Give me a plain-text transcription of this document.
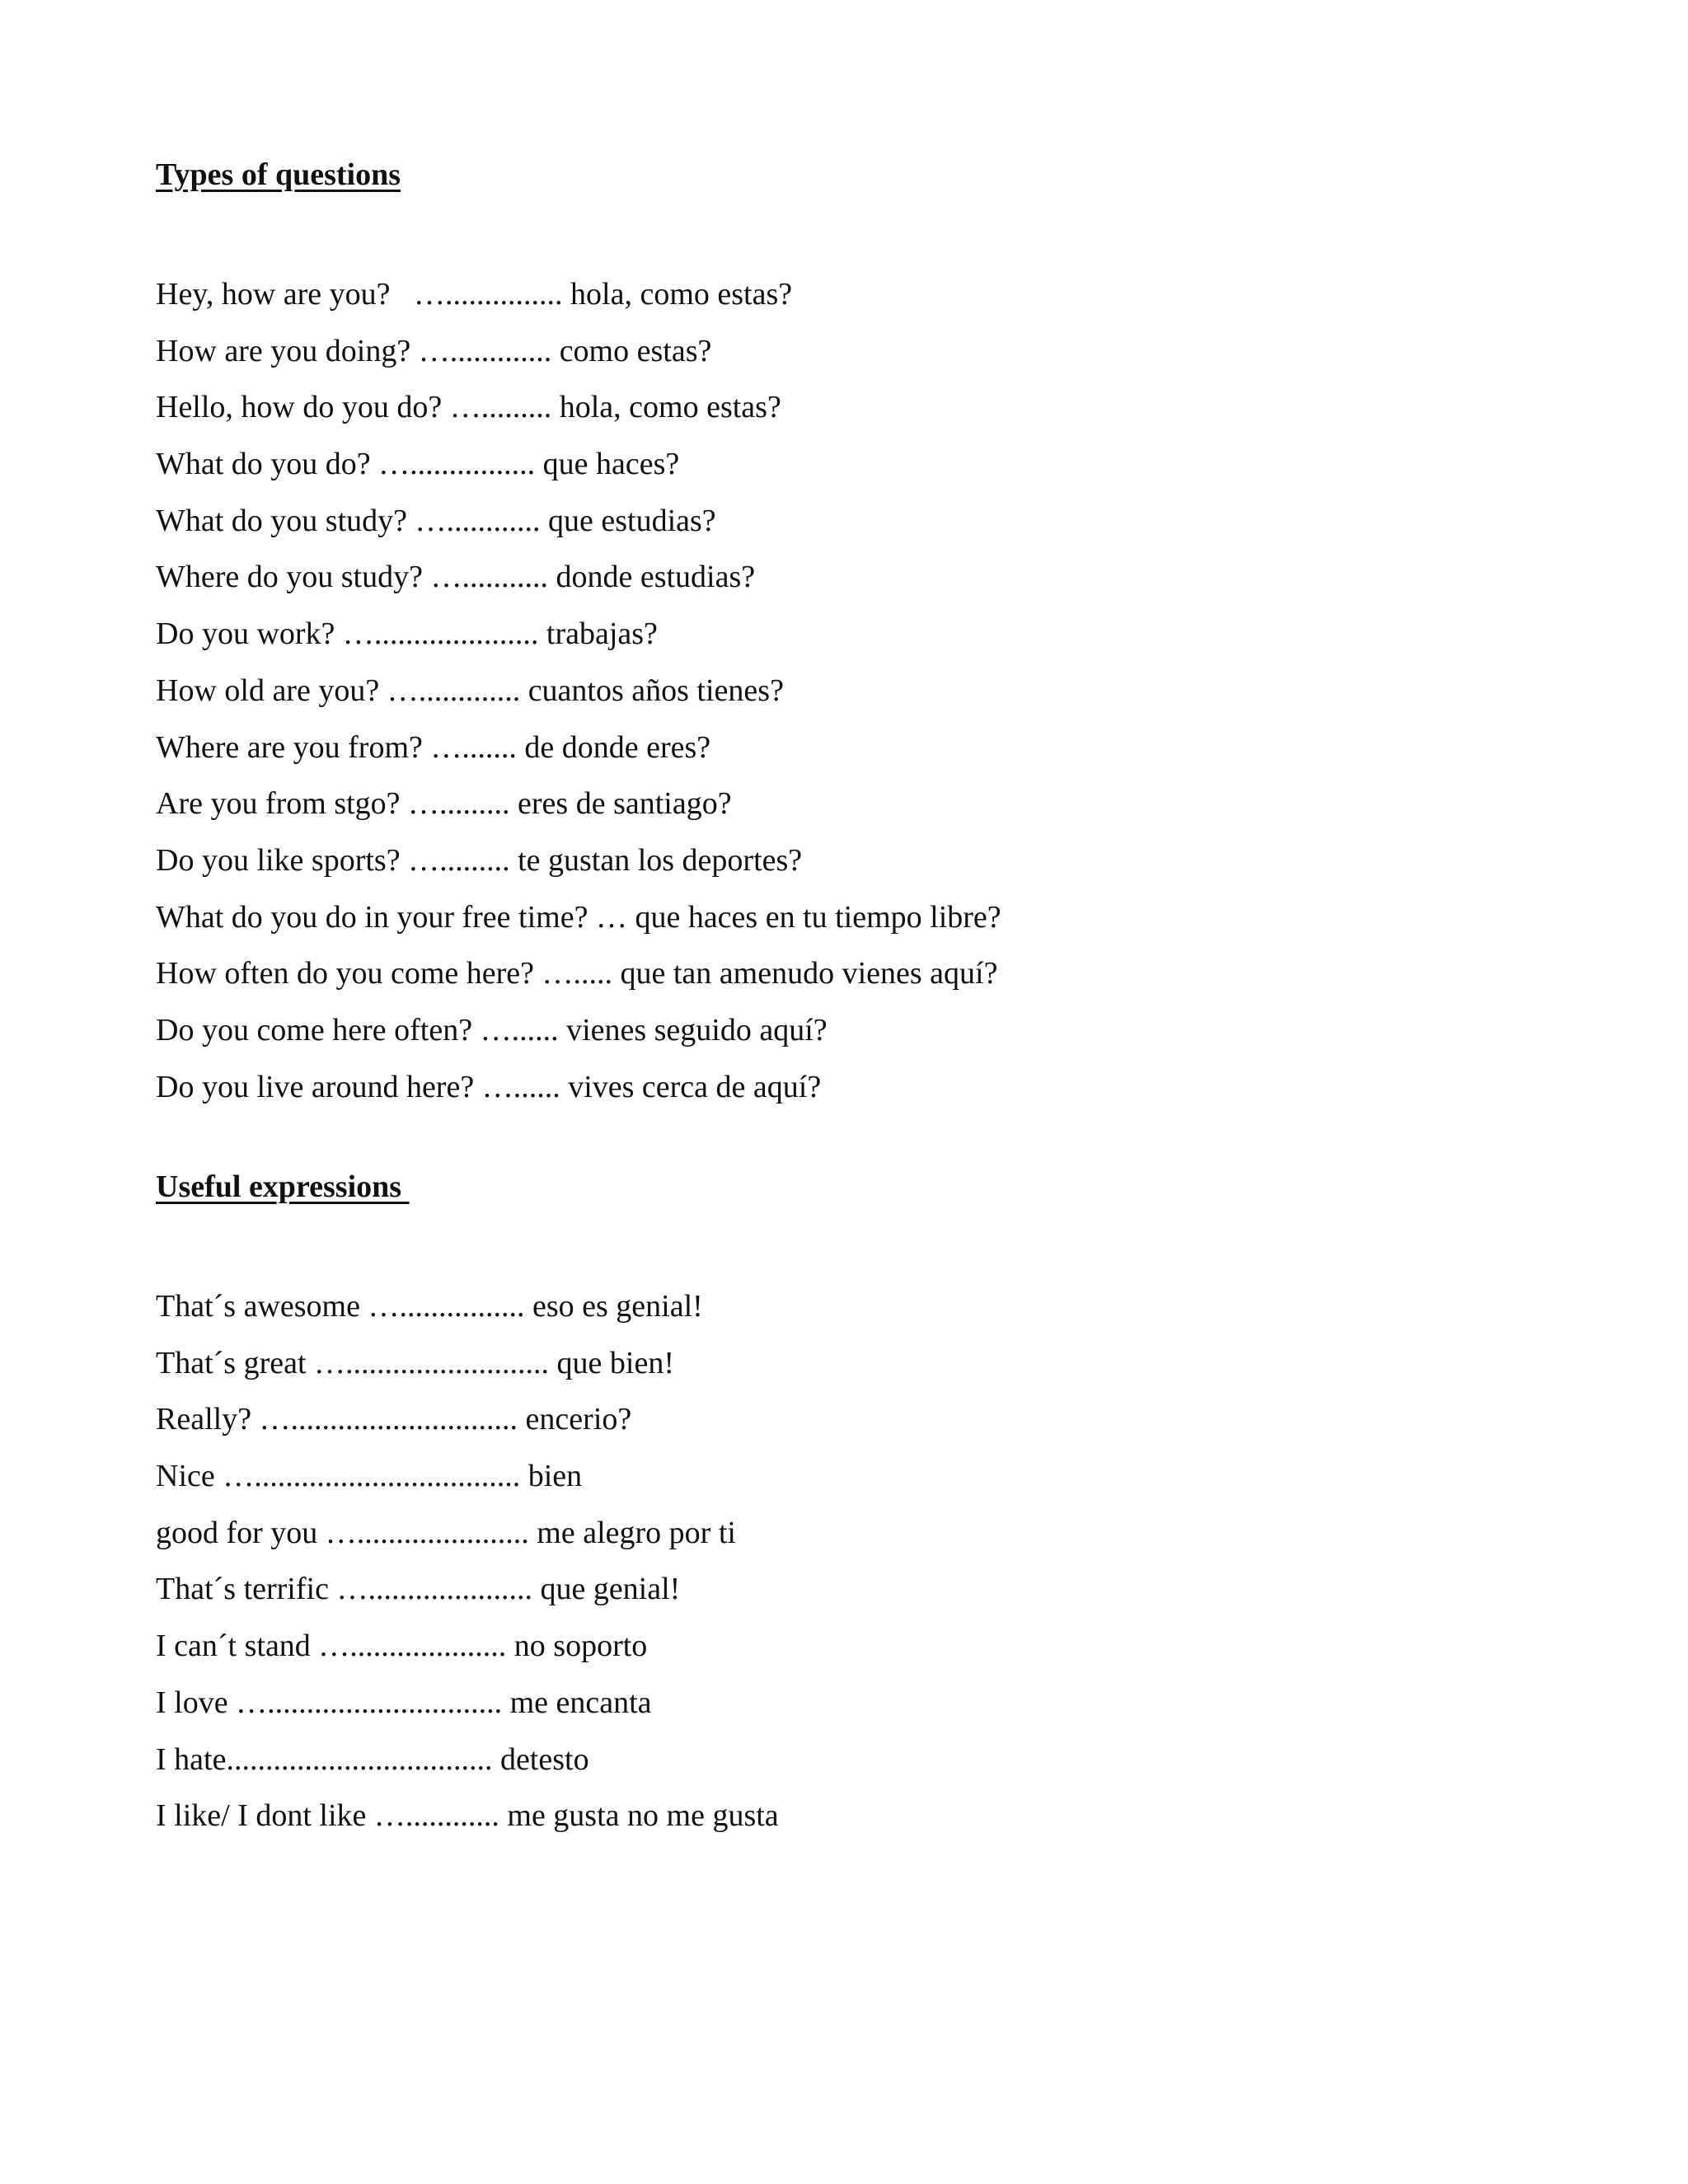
Types of questions
Hey, how are you?   …............... hola, como estas?
How are you doing? …............. como estas?
Hello, how do you do? …......... hola, como estas?
What do you do? …................ que haces?
What do you study? …............ que estudias?
Where do you study? …........... donde estudias?
Do you work? …..................... trabajas?
How old are you? …............. cuantos años tienes?
Where are you from? …....... de donde eres?
Are you from stgo? …......... eres de santiago?
Do you like sports? …......... te gustan los deportes?
What do you do in your free time? … que haces en tu tiempo libre?
How often do you come here? …..... que tan amenudo vienes aquí?
Do you come here often? …...... vienes seguido aquí?
Do you live around here? …...... vives cerca de aquí?
Useful expressions
That´s awesome …................ eso es genial!
That´s great ….......................... que bien!
Really? …............................. encerio?
Nice ….................................. bien
good for you …...................... me alegro por ti
That´s terrific …..................... que genial!
I can´t stand ….................... no soporto
I love ….............................. me encanta
I hate.................................. detesto
I like/ I dont like …............ me gusta no me gusta
